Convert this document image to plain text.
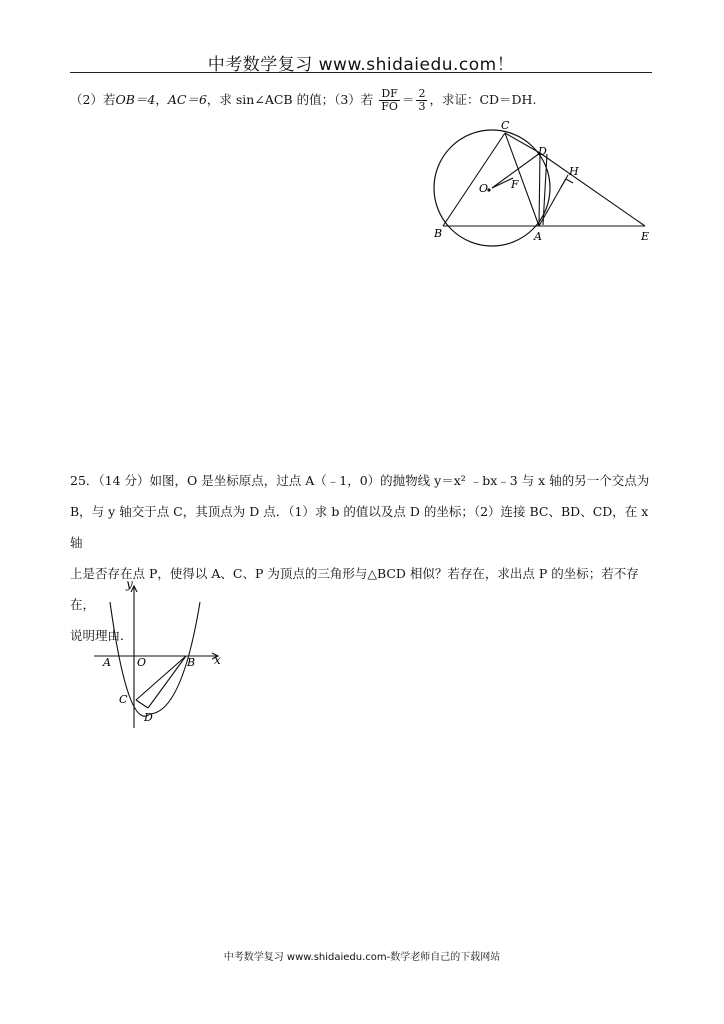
中考数学复习 www.shidaiedu.com！
（2）若OB＝4，AC＝6，求 sin∠ACB 的值；（3）若 $\frac{DF}{FO} = \frac{2}{3}$ ，求证：CD＝DH.
C
D
H
O F
B	A	E
25．（14 分）如图，O 是坐标原点，过点 A（﹣1，0）的抛物线 y＝x² ﹣bx﹣3 与 x 轴的另一个交点为
B，与 y 轴交于点 C，其顶点为 D 点．（1）求 b 的值以及点 D 的坐标；（2）连接 BC、BD、CD，在 x 轴
上是否存在点 P，使得以 A、C、P 为顶点的三角形与△BCD 相似？若存在，求出点 P 的坐标；若不存在，
说明理由．
y
x
A O	B
C
D
中考数学复习 www.shidaiedu.com-数学老师自己的下载网站
